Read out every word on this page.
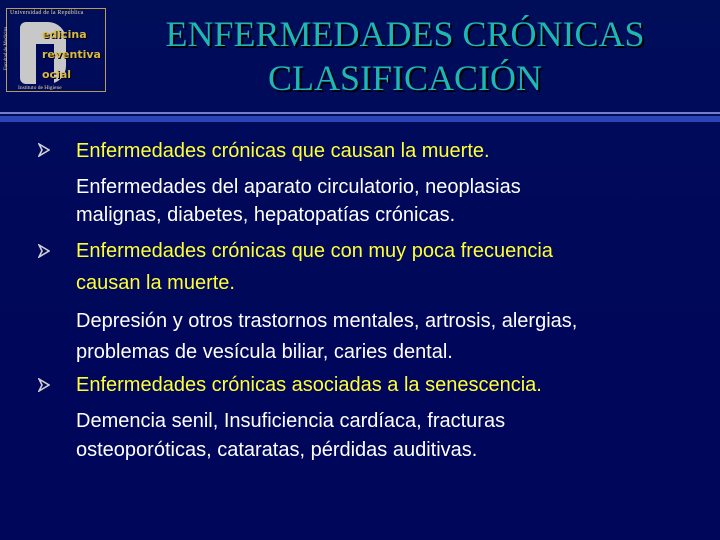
Universidad de la República
Facultad de Medicina	edicina
reventiva
ocial
Instituto de Higiene
ENFERMEDADES CRÓNICAS
CLASIFICACIÓN
Enfermedades crónicas que causan la muerte.
Enfermedades del aparato circulatorio, neoplasias
malignas, diabetes, hepatopatías crónicas.
Enfermedades crónicas que con muy poca frecuencia
causan la muerte.
Depresión y otros trastornos mentales, artrosis, alergias,
problemas de vesícula biliar, caries dental.
Enfermedades crónicas asociadas a la senescencia.
Demencia senil, Insuficiencia cardíaca, fracturas
osteoporóticas, cataratas, pérdidas auditivas.
